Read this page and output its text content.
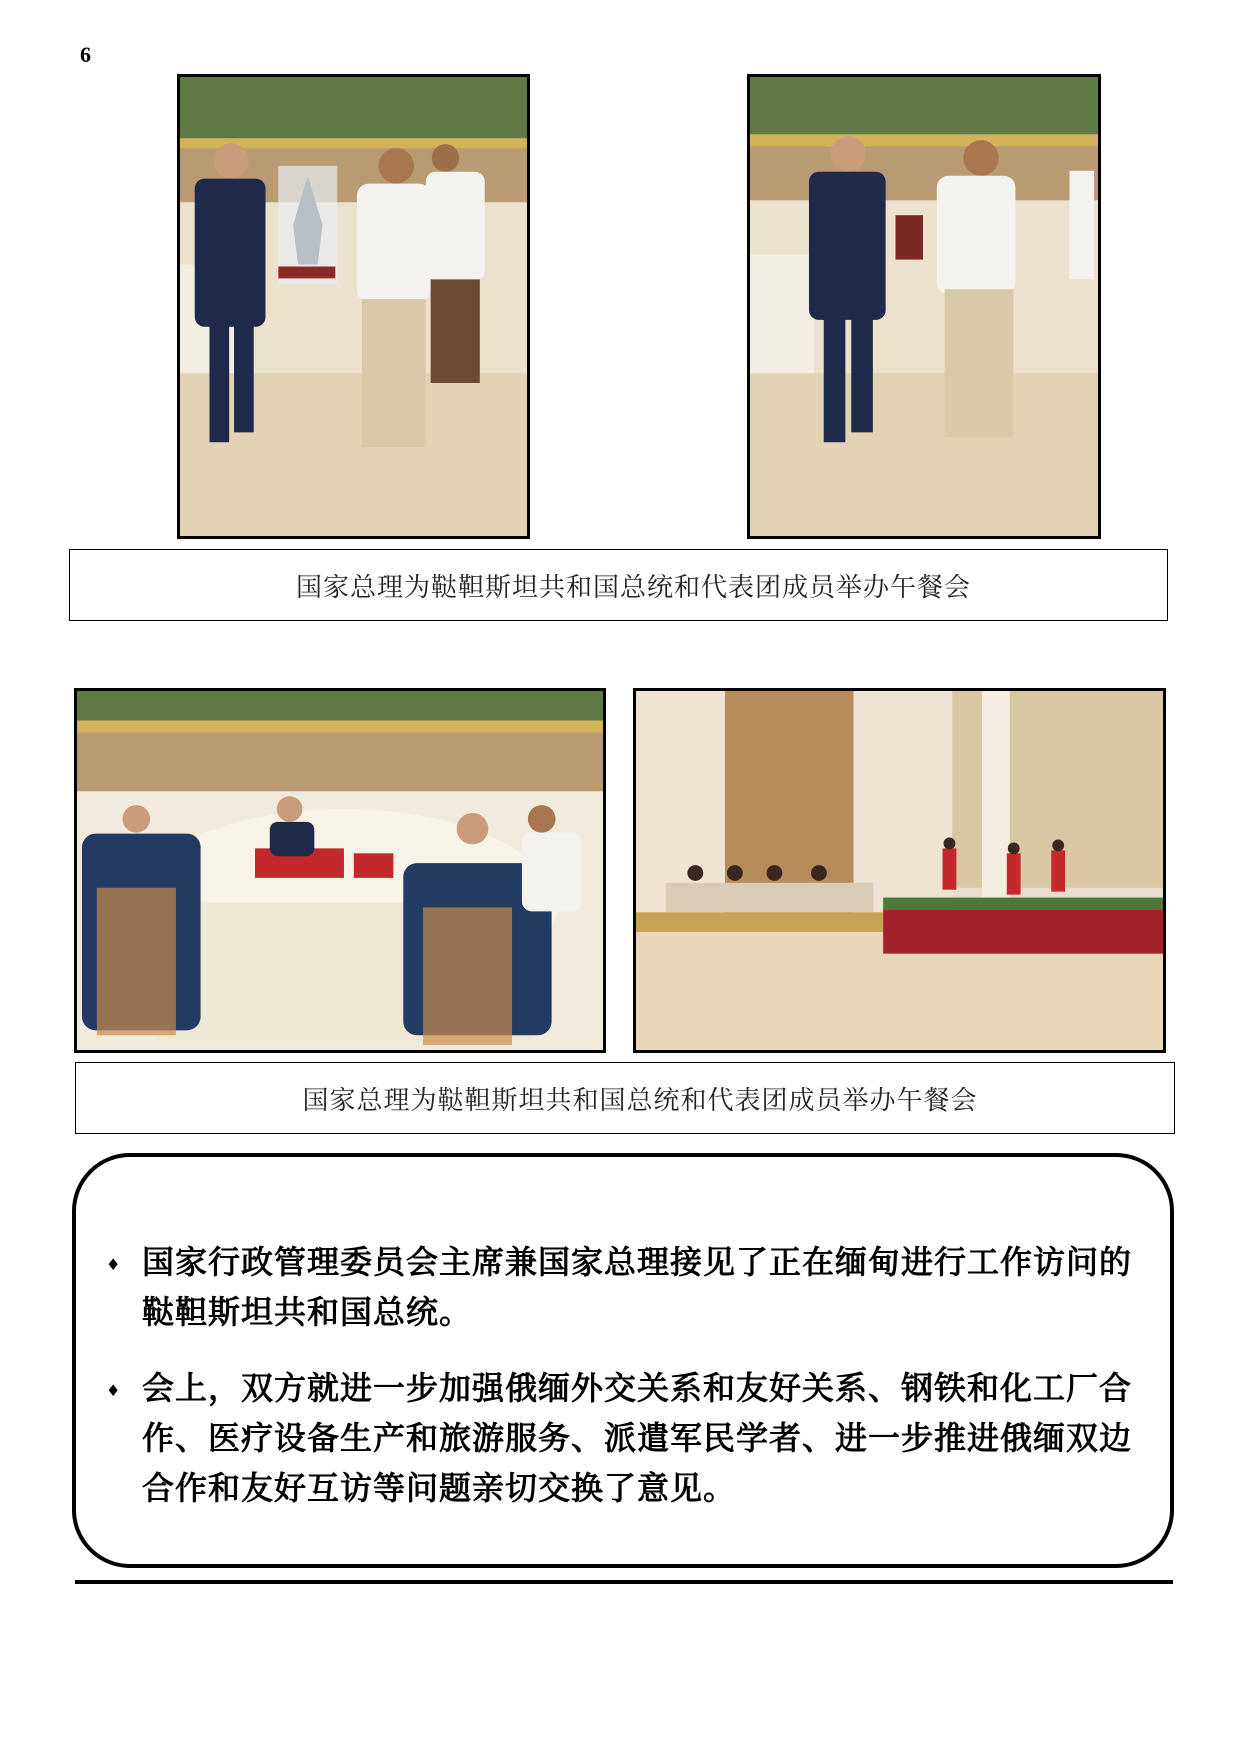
6
国家总理为鞑靼斯坦共和国总统和代表团成员举办午餐会
国家总理为鞑靼斯坦共和国总统和代表团成员举办午餐会
♦ 国家行政管理委员会主席兼国家总理接见了正在缅甸进行工作访问的鞑靼斯坦共和国总统。
♦ 会上，双方就进一步加强俄缅外交关系和友好关系、钢铁和化工厂合作、医疗设备生产和旅游服务、派遣军民学者、进一步推进俄缅双边合作和友好互访等问题亲切交换了意见。
